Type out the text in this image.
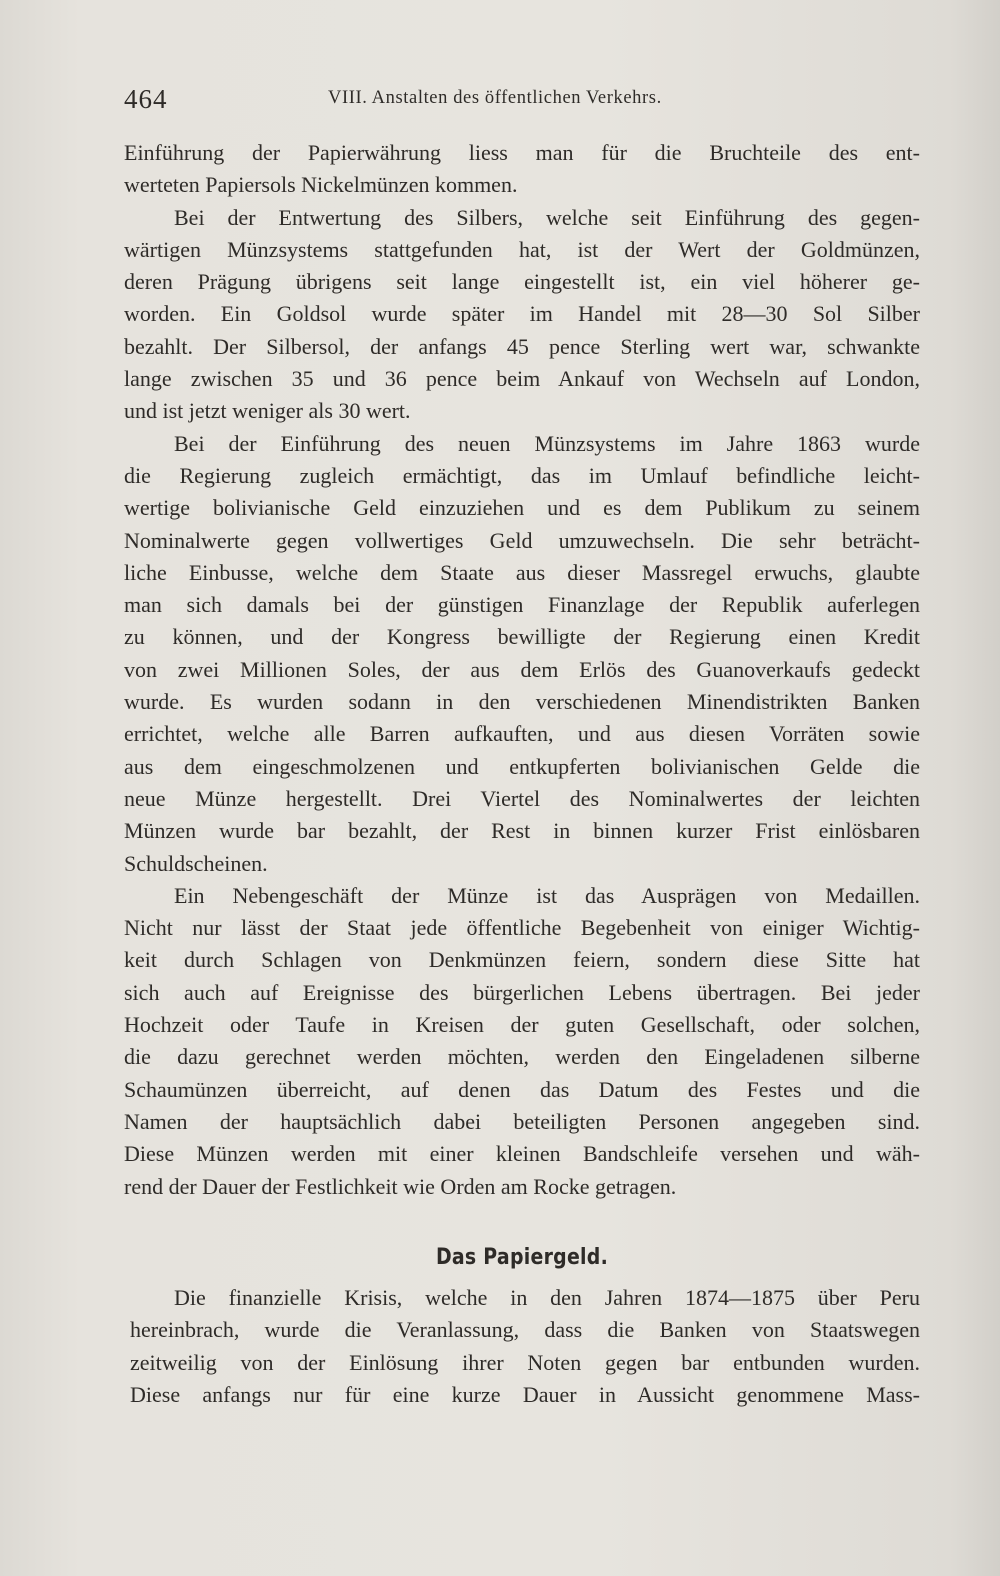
464	VIII. Anstalten des öffentlichen Verkehrs.
Einführung der Papierwährung liess man für die Bruchteile des ent-
werteten Papiersols Nickelmünzen kommen.
Bei der Entwertung des Silbers, welche seit Einführung des gegen-
wärtigen Münzsystems stattgefunden hat, ist der Wert der Goldmünzen,
deren Prägung übrigens seit lange eingestellt ist, ein viel höherer ge-
worden. Ein Goldsol wurde später im Handel mit 28—30 Sol Silber
bezahlt. Der Silbersol, der anfangs 45 pence Sterling wert war, schwankte
lange zwischen 35 und 36 pence beim Ankauf von Wechseln auf London,
und ist jetzt weniger als 30 wert.
Bei der Einführung des neuen Münzsystems im Jahre 1863 wurde
die Regierung zugleich ermächtigt, das im Umlauf befindliche leicht-
wertige bolivianische Geld einzuziehen und es dem Publikum zu seinem
Nominalwerte gegen vollwertiges Geld umzuwechseln. Die sehr beträcht-
liche Einbusse, welche dem Staate aus dieser Massregel erwuchs, glaubte
man sich damals bei der günstigen Finanzlage der Republik auferlegen
zu können, und der Kongress bewilligte der Regierung einen Kredit
von zwei Millionen Soles, der aus dem Erlös des Guanoverkaufs gedeckt
wurde. Es wurden sodann in den verschiedenen Minendistrikten Banken
errichtet, welche alle Barren aufkauften, und aus diesen Vorräten sowie
aus dem eingeschmolzenen und entkupferten bolivianischen Gelde die
neue Münze hergestellt. Drei Viertel des Nominalwertes der leichten
Münzen wurde bar bezahlt, der Rest in binnen kurzer Frist einlösbaren
Schuldscheinen.
Ein Nebengeschäft der Münze ist das Ausprägen von Medaillen.
Nicht nur lässt der Staat jede öffentliche Begebenheit von einiger Wichtig-
keit durch Schlagen von Denkmünzen feiern, sondern diese Sitte hat
sich auch auf Ereignisse des bürgerlichen Lebens übertragen. Bei jeder
Hochzeit oder Taufe in Kreisen der guten Gesellschaft, oder solchen,
die dazu gerechnet werden möchten, werden den Eingeladenen silberne
Schaumünzen überreicht, auf denen das Datum des Festes und die
Namen der hauptsächlich dabei beteiligten Personen angegeben sind.
Diese Münzen werden mit einer kleinen Bandschleife versehen und wäh-
rend der Dauer der Festlichkeit wie Orden am Rocke getragen.
Das Papiergeld.
Die finanzielle Krisis, welche in den Jahren 1874—1875 über Peru
hereinbrach, wurde die Veranlassung, dass die Banken von Staatswegen
zeitweilig von der Einlösung ihrer Noten gegen bar entbunden wurden.
Diese anfangs nur für eine kurze Dauer in Aussicht genommene Mass-
